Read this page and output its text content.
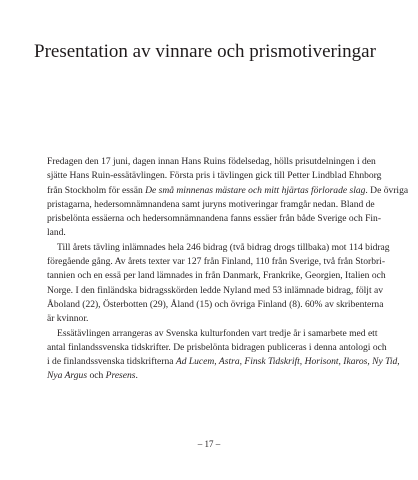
Presentation av vinnare och prismotiveringar
Fredagen den 17 juni, dagen innan Hans Ruins födelsedag, hölls prisutdelningen i den
sjätte Hans Ruin-essätävlingen. Första pris i tävlingen gick till Petter Lindblad Ehnborg
från Stockholm för essän De små minnenas mästare och mitt hjärtas förlorade slag. De övriga
pristagarna, hedersomnämnandena samt juryns motiveringar framgår nedan. Bland de
prisbelönta essäerna och hedersomnämnandena fanns essäer från både Sverige och Fin-
land.
Till årets tävling inlämnades hela 246 bidrag (två bidrag drogs tillbaka) mot 114 bidrag
föregående gång. Av årets texter var 127 från Finland, 110 från Sverige, två från Storbri-
tannien och en essä per land lämnades in från Danmark, Frankrike, Georgien, Italien och
Norge. I den finländska bidragsskörden ledde Nyland med 53 inlämnade bidrag, följt av
Åboland (22), Österbotten (29), Åland (15) och övriga Finland (8). 60% av skribenterna
är kvinnor.
Essätävlingen arrangeras av Svenska kulturfonden vart tredje år i samarbete med ett
antal finlandssvenska tidskrifter. De prisbelönta bidragen publiceras i denna antologi och
i de finlandssvenska tidskrifterna Ad Lucem, Astra, Finsk Tidskrift, Horisont, Ikaros, Ny Tid,
Nya Argus och Presens.
– 17 –
